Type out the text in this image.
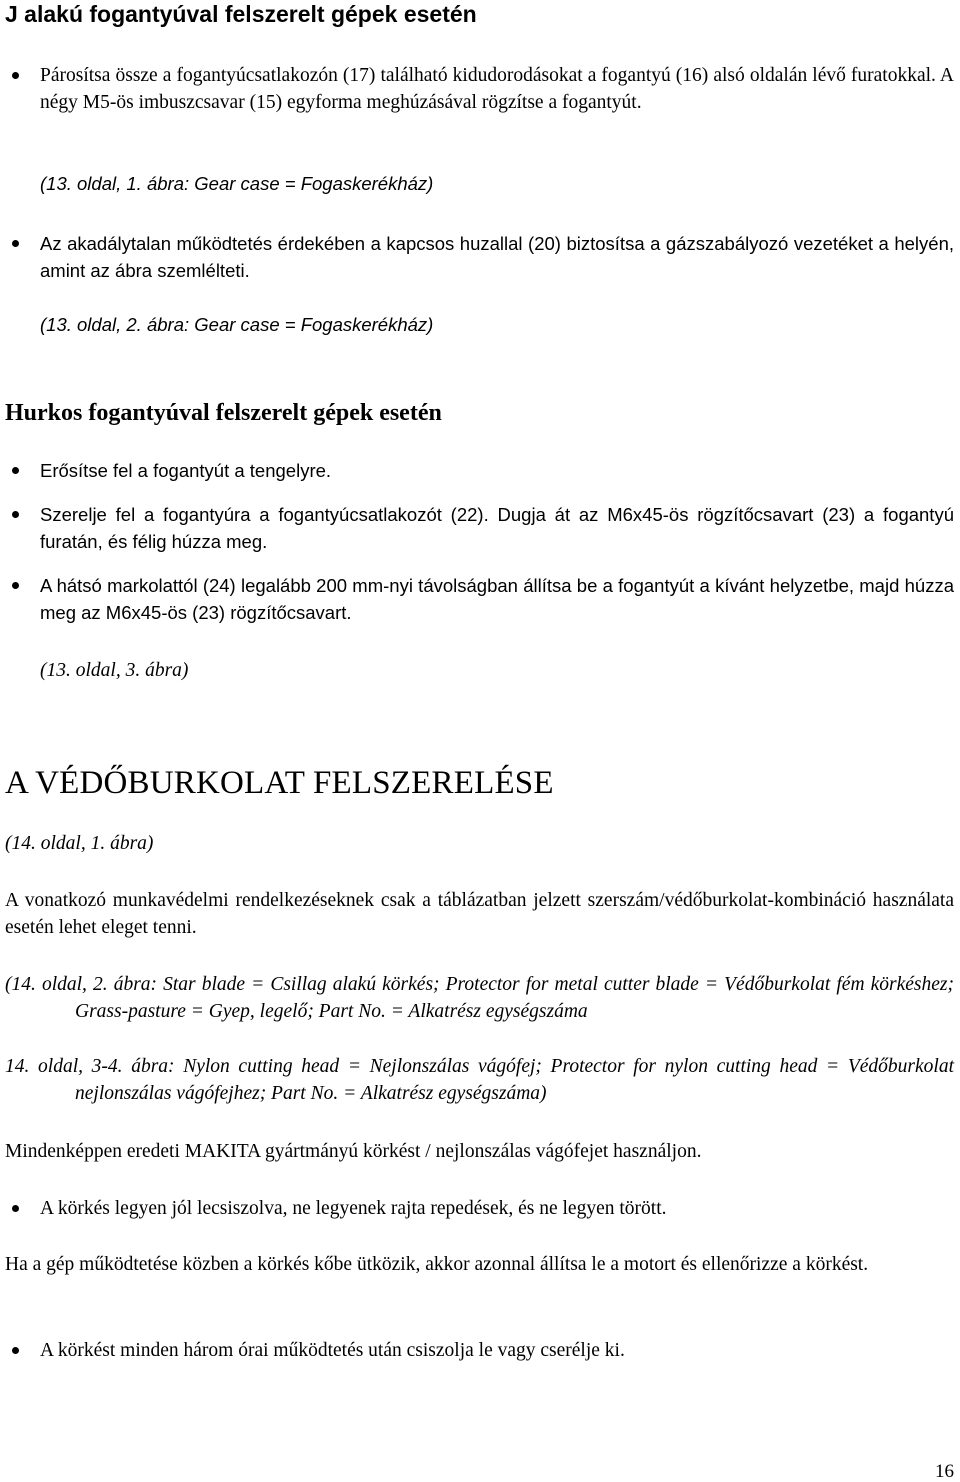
J alakú fogantyúval felszerelt gépek esetén
Párosítsa össze a fogantyúcsatlakozón (17) található kidudorodásokat a fogantyú (16) alsó oldalán lévő furatokkal. A négy M5-ös imbuszcsavar (15) egyforma meghúzásával rögzítse a fogantyút.
(13. oldal, 1. ábra: Gear case = Fogaskerékház)
Az akadálytalan működtetés érdekében a kapcsos huzallal (20) biztosítsa a gázszabályozó vezetéket a helyén, amint az ábra szemlélteti.
(13. oldal, 2. ábra: Gear case = Fogaskerékház)
Hurkos fogantyúval felszerelt gépek esetén
Erősítse fel a fogantyút a tengelyre.
Szerelje fel a fogantyúra a fogantyúcsatlakozót (22). Dugja át az M6x45-ös rögzítőcsavart (23) a fogantyú furatán, és félig húzza meg.
A hátsó markolattól (24) legalább 200 mm-nyi távolságban állítsa be a fogantyút a kívánt helyzetbe, majd húzza meg az M6x45-ös (23) rögzítőcsavart.
(13. oldal, 3. ábra)
A VÉDŐBURKOLAT FELSZERELÉSE
(14. oldal, 1. ábra)
A vonatkozó munkavédelmi rendelkezéseknek csak a táblázatban jelzett szerszám/védőburkolat-kombináció használata esetén lehet eleget tenni.
(14. oldal, 2. ábra: Star blade = Csillag alakú körkés; Protector for metal cutter blade = Védőburkolat fém körkéshez; Grass-pasture = Gyep, legelő; Part No. = Alkatrész egységszáma
14. oldal, 3-4. ábra: Nylon cutting head = Nejlonszálas vágófej; Protector for nylon cutting head = Védőburkolat nejlonszálas vágófejhez; Part No. = Alkatrész egységszáma)
Mindenképpen eredeti MAKITA gyártmányú körkést / nejlonszálas vágófejet használjon.
A körkés legyen jól lecsiszolva, ne legyenek rajta repedések, és ne legyen törött.
Ha a gép működtetése közben a körkés kőbe ütközik, akkor azonnal állítsa le a motort és ellenőrizze a körkést.
A körkést minden három órai működtetés után csiszolja le vagy cserélje ki.
16
